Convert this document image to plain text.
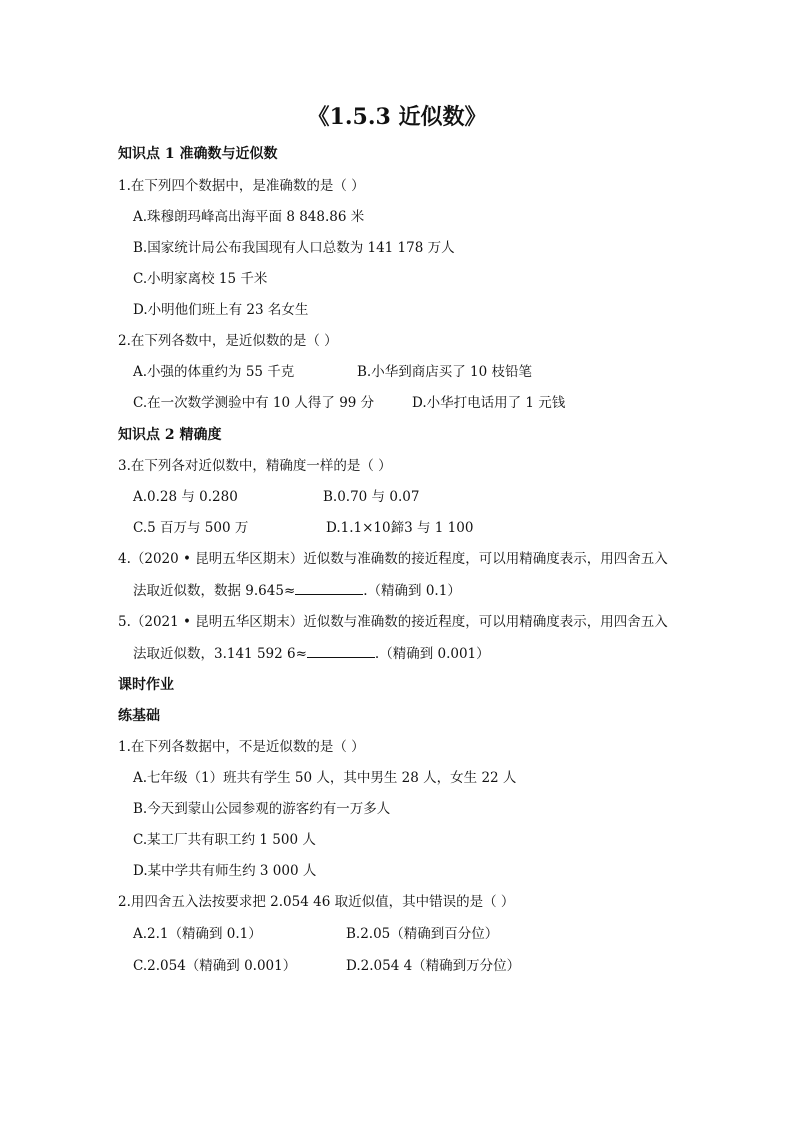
《1.5.3 近似数》
知识点 1 准确数与近似数
1.在下列四个数据中，是准确数的是（ ）
A.珠穆朗玛峰高出海平面 8 848.86 米
B.国家统计局公布我国现有人口总数为 141 178 万人
C.小明家离校 15 千米
D.小明他们班上有 23 名女生
2.在下列各数中，是近似数的是（ ）
A.小强的体重约为 55 千克	B.小华到商店买了 10 枝铅笔
C.在一次数学测验中有 10 人得了 99 分	D.小华打电话用了 1 元钱
知识点 2 精确度
3.在下列各对近似数中，精确度一样的是（ ）
A.0.28 与 0.280	B.0.70 与 0.07
C.5 百万与 500 万	D.1.1×10鍗3 与 1 100
4.（2020 • 昆明五华区期末）近似数与准确数的接近程度，可以用精确度表示，用四舍五入
法取近似数，数据 9.645≈	.（精确到 0.1）
5.（2021 • 昆明五华区期末）近似数与准确数的接近程度，可以用精确度表示，用四舍五入
法取近似数，3.141 592 6≈	.（精确到 0.001）
课时作业
练基础
1.在下列各数据中，不是近似数的是（ ）
A.七年级（1）班共有学生 50 人，其中男生 28 人，女生 22 人
B.今天到蒙山公园参观的游客约有一万多人
C.某工厂共有职工约 1 500 人
D.某中学共有师生约 3 000 人
2.用四舍五入法按要求把 2.054 46 取近似值，其中错误的是（ ）
A.2.1（精确到 0.1）	B.2.05（精确到百分位）
C.2.054（精确到 0.001）	D.2.054 4（精确到万分位）
